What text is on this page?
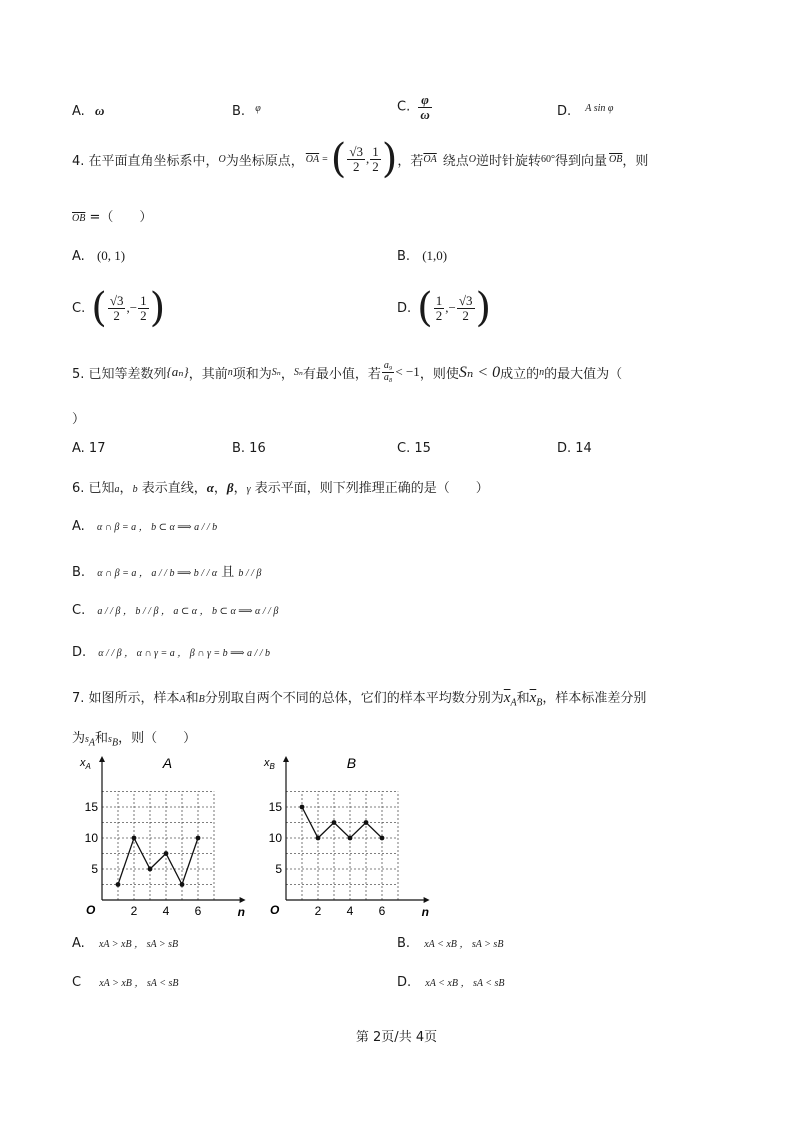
A. ω	B. $^\varphi$	C. $\frac{\varphi}{\omega}$	D. $^{A sin \varphi}$
4. 在平面直角坐标系中， O 为坐标原点， $\overline{OA}$ = ( $\frac{√3}{2}$ , $\frac{1}{2}$ ) ，若 $\overline{OA}$ 绕点 O 逆时针旋转 60° 得到向量 $\overline{OB}$ ，则
$\overline{OB}$ =（　　）
A. (0, 1)	B. (1,0)
C. ( $\frac{√3}{2}$ , − $\frac{1}{2}$ )	D. ( $\frac{1}{2}$ , − $\frac{√3}{2}$ )
5. 已知等差数列 {aₙ} ，其前 n 项和为 Sₙ ， Sₙ 有最小值，若 $\frac{\text{a₉}}{\text{a₈}} < -1$ ，则使 Sₙ < 0 成立的 n 的最大值为（
）
A. 17	B. 16	C. 15	D. 14
6. 已知a，b 表示直线，α，β，γ 表示平面，则下列推理正确的是（　　）
A. α ∩ β = a ， b ⊂ α ⟹ a / / b
B. α ∩ β = a ， a / / b ⟹ b / / α 且 b / / β
C. a / / β ， b / / β ， a ⊂ α ， b ⊂ α ⟹ α / / β
D. α / / β ， α ∩ γ = a ， β ∩ γ = b ⟹ a / / b
7. 如图所示，样本A和B分别取自两个不同的总体，它们的样本平均数分别为$\overline{x}_A$和$\overline{x}_B$，样本标准差分别
为$s_A$和$s_B$，则（　　）
$x_A$	A
O	n
2 4 6
5
10
15
$x_B$	B
O	n
2 4 6
5
10
15
A. xA > xB ， sA > sB	B. xA < xB ， sA > sB
C xA > xB ， sA < sB	D. xA < xB ， sA < sB
第 2页/共 4页
